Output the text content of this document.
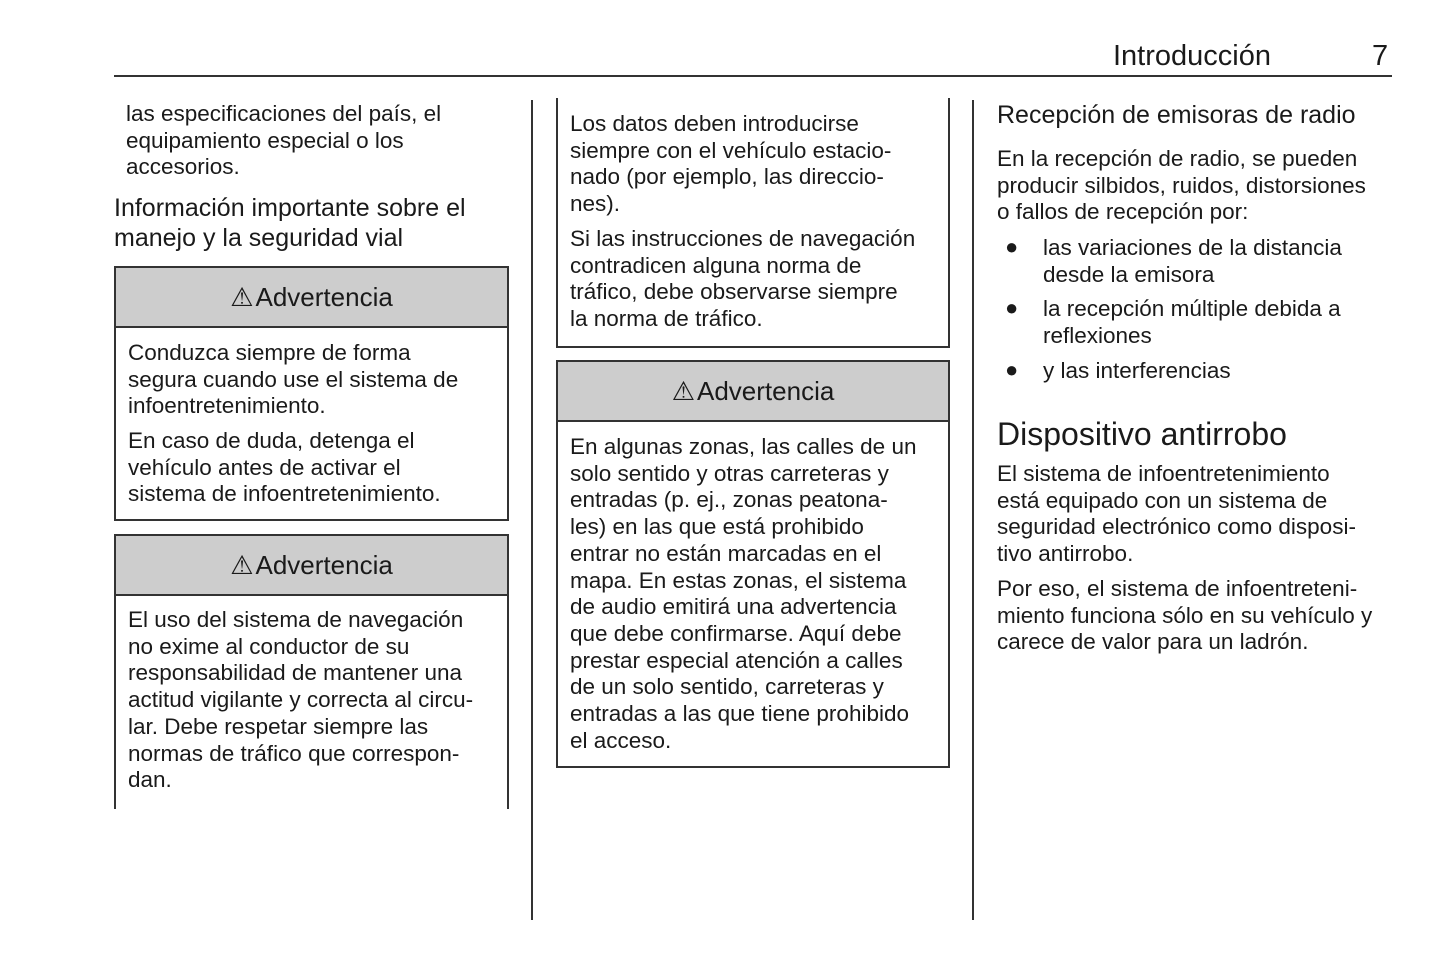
Introducción	7
las especificaciones del país, el
equipamiento especial o los
accesorios.
Información importante sobre el
manejo y la seguridad vial
⚠ Advertencia
Conduzca siempre de forma
segura cuando use el sistema de
infoentretenimiento.
En caso de duda, detenga el
vehículo antes de activar el
sistema de infoentretenimiento.
⚠ Advertencia
El uso del sistema de navegación
no exime al conductor de su
responsabilidad de mantener una
actitud vigilante y correcta al circu-
lar. Debe respetar siempre las
normas de tráfico que correspon-
dan.
Los datos deben introducirse
siempre con el vehículo estacio-
nado (por ejemplo, las direccio-
nes).
Si las instrucciones de navegación
contradicen alguna norma de
tráfico, debe observarse siempre
la norma de tráfico.
⚠ Advertencia
En algunas zonas, las calles de un
solo sentido y otras carreteras y
entradas (p. ej., zonas peatona-
les) en las que está prohibido
entrar no están marcadas en el
mapa. En estas zonas, el sistema
de audio emitirá una advertencia
que debe confirmarse. Aquí debe
prestar especial atención a calles
de un solo sentido, carreteras y
entradas a las que tiene prohibido
el acceso.
Recepción de emisoras de radio
En la recepción de radio, se pueden
producir silbidos, ruidos, distorsiones
o fallos de recepción por:
● las variaciones de la distancia
desde la emisora
● la recepción múltiple debida a
reflexiones
● y las interferencias
Dispositivo antirrobo
El sistema de infoentretenimiento
está equipado con un sistema de
seguridad electrónico como disposi-
tivo antirrobo.
Por eso, el sistema de infoentreteni-
miento funciona sólo en su vehículo y
carece de valor para un ladrón.
